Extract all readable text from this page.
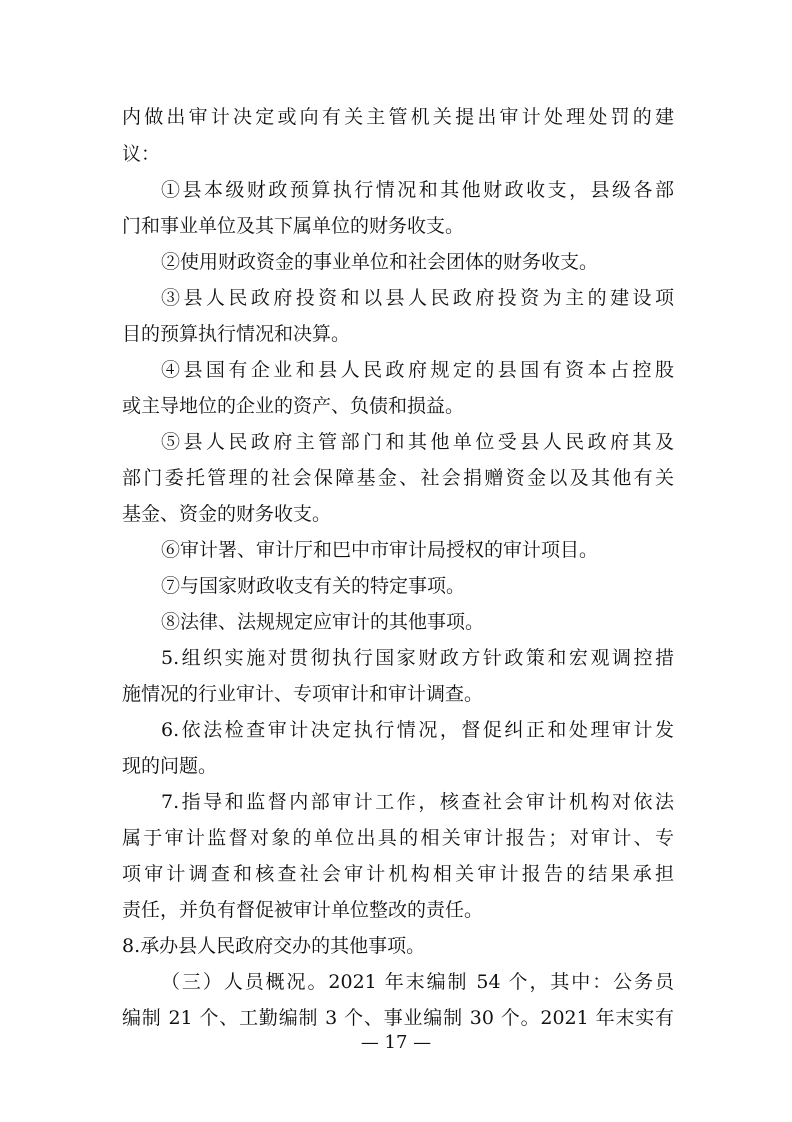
内做出审计决定或向有关主管机关提出审计处理处罚的建

议：

①县本级财政预算执行情况和其他财政收支，县级各部

门和事业单位及其下属单位的财务收支。

②使用财政资金的事业单位和社会团体的财务收支。

③县人民政府投资和以县人民政府投资为主的建设项

目的预算执行情况和决算。

④县国有企业和县人民政府规定的县国有资本占控股

或主导地位的企业的资产、负债和损益。

⑤县人民政府主管部门和其他单位受县人民政府其及

部门委托管理的社会保障基金、社会捐赠资金以及其他有关

基金、资金的财务收支。

⑥审计署、审计厅和巴中市审计局授权的审计项目。

⑦与国家财政收支有关的特定事项。

⑧法律、法规规定应审计的其他事项。

5.组织实施对贯彻执行国家财政方针政策和宏观调控措

施情况的行业审计、专项审计和审计调查。

6.依法检查审计决定执行情况，督促纠正和处理审计发

现的问题。

7.指导和监督内部审计工作，核查社会审计机构对依法

属于审计监督对象的单位出具的相关审计报告；对审计、专

项审计调查和核查社会审计机构相关审计报告的结果承担

责任，并负有督促被审计单位整改的责任。

8.承办县人民政府交办的其他事项。

（三）人员概况。2021 年末编制 54 个，其中：公务员

编制 21 个、工勤编制 3 个、事业编制 30 个。2021 年末实有

— 17 —
